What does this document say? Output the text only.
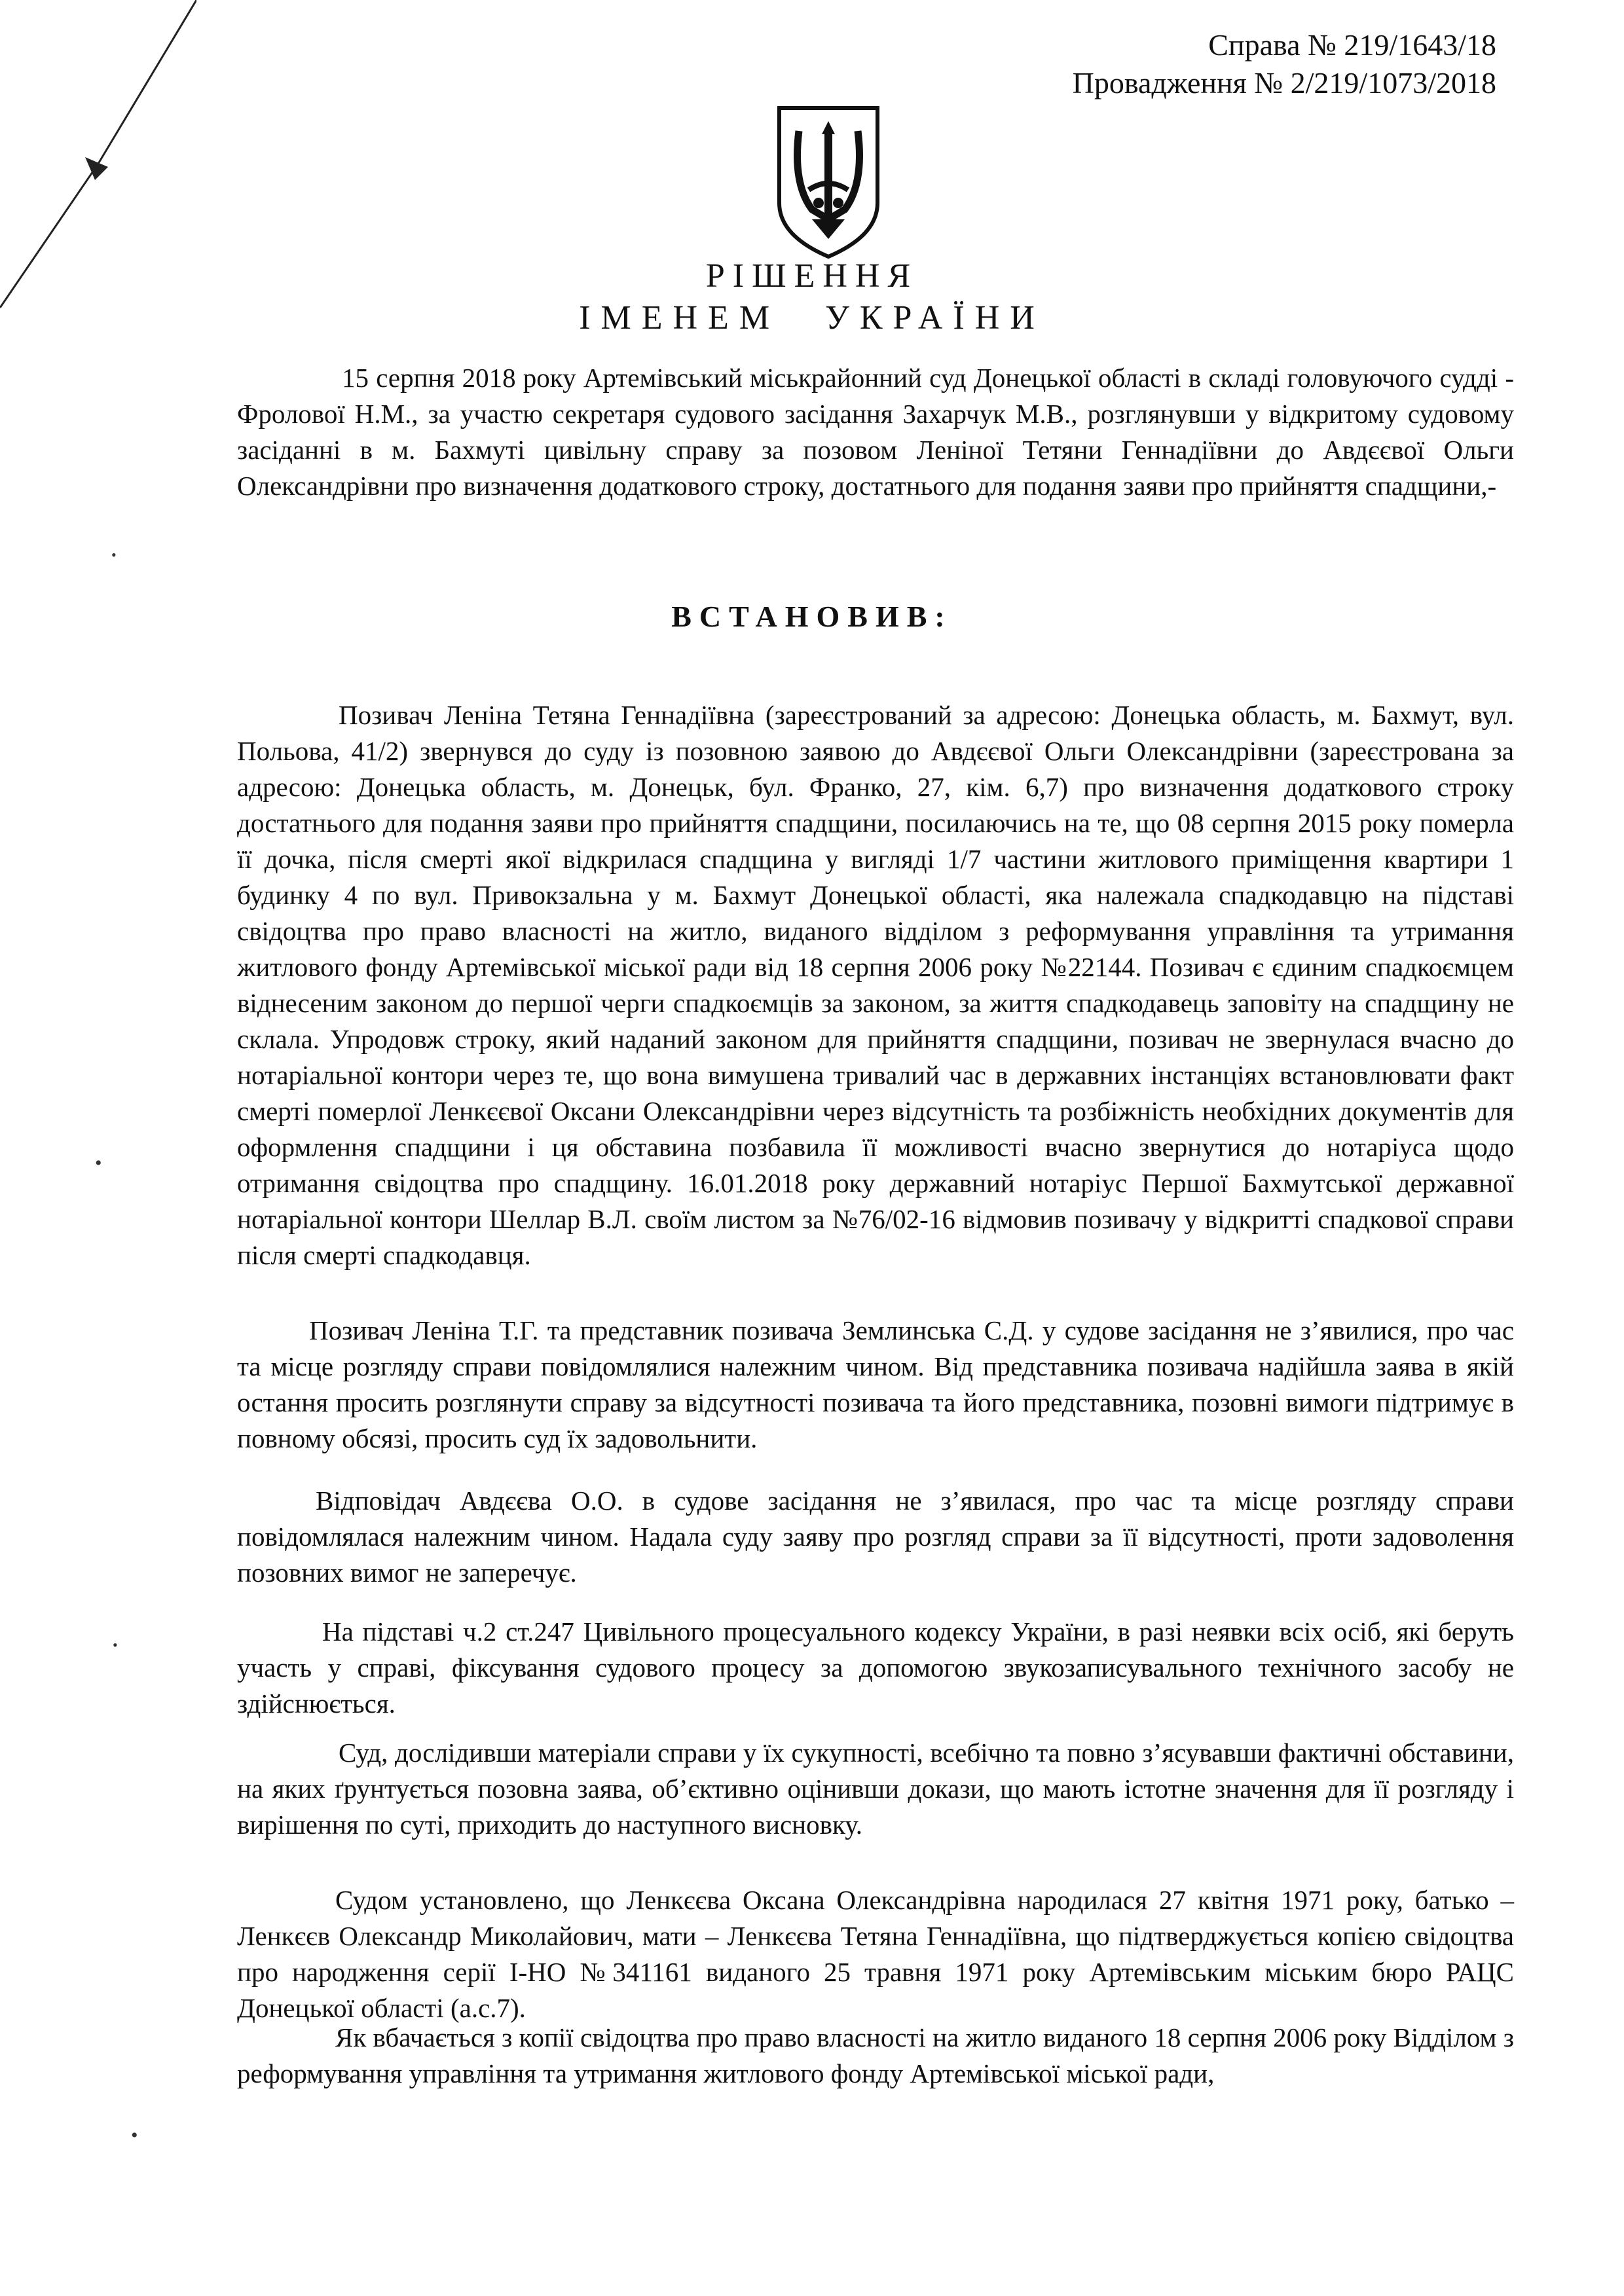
Справа № 219/1643/18
Провадження № 2/219/1073/2018
РІШЕННЯ
ІМЕНЕМ УКРАЇНИ
15 серпня 2018 року Артемівський міськрайонний суд Донецької області в складі головуючого судді - Фролової Н.М., за участю секретаря судового засідання Захарчук М.В., розглянувши у відкритому судовому засіданні в м. Бахмуті цивільну справу за позовом Леніної Тетяни Геннадіївни до Авдєєвої Ольги Олександрівни про визначення додаткового строку, достатнього для подання заяви про прийняття спадщини,-
ВСТАНОВИВ:
Позивач Леніна Тетяна Геннадіївна (зареєстрований за адресою: Донецька область, м. Бахмут, вул. Польова, 41/2) звернувся до суду із позовною заявою до Авдєєвої Ольги Олександрівни (зареєстрована за адресою: Донецька область, м. Донецьк, бул. Франко, 27, кім. 6,7) про визначення додаткового строку достатнього для подання заяви про прийняття спадщини, посилаючись на те, що 08 серпня 2015 року померла її дочка, після смерті якої відкрилася спадщина у вигляді 1/7 частини житлового приміщення квартири 1 будинку 4 по вул. Привокзальна у м. Бахмут Донецької області, яка належала спадкодавцю на підставі свідоцтва про право власності на житло, виданого відділом з реформування управління та утримання житлового фонду Артемівської міської ради від 18 серпня 2006 року №22144. Позивач є єдиним спадкоємцем віднесеним законом до першої черги спадкоємців за законом, за життя спадкодавець заповіту на спадщину не склала. Упродовж строку, який наданий законом для прийняття спадщини, позивач не звернулася вчасно до нотаріальної контори через те, що вона вимушена тривалий час в державних інстанціях встановлювати факт смерті померлої Ленкєєвої Оксани Олександрівни через відсутність та розбіжність необхідних документів для оформлення спадщини і ця обставина позбавила її можливості вчасно звернутися до нотаріуса щодо отримання свідоцтва про спадщину. 16.01.2018 року державний нотаріус Першої Бахмутської державної нотаріальної контори Шеллар В.Л. своїм листом за №76/02-16 відмовив позивачу у відкритті спадкової справи після смерті спадкодавця.
Позивач Леніна Т.Г. та представник позивача Землинська С.Д. у судове засідання не з’явилися, про час та місце розгляду справи повідомлялися належним чином. Від представника позивача надійшла заява в якій остання просить розглянути справу за відсутності позивача та його представника, позовні вимоги підтримує в повному обсязі, просить суд їх задовольнити.
Відповідач Авдєєва О.О. в судове засідання не з’явилася, про час та місце розгляду справи повідомлялася належним чином. Надала суду заяву про розгляд справи за її відсутності, проти задоволення позовних вимог не заперечує.
На підставі ч.2 ст.247 Цивільного процесуального кодексу України, в разі неявки всіх осіб, які беруть участь у справі, фіксування судового процесу за допомогою звукозаписувального технічного засобу не здійснюється.
Суд, дослідивши матеріали справи у їх сукупності, всебічно та повно з’ясувавши фактичні обставини, на яких ґрунтується позовна заява, об’єктивно оцінивши докази, що мають істотне значення для її розгляду і вирішення по суті, приходить до наступного висновку.
Судом установлено, що Ленкєєва Оксана Олександрівна народилася 27 квітня 1971 року, батько – Ленкєєв Олександр Миколайович, мати – Ленкєєва Тетяна Геннадіївна, що підтверджується копією свідоцтва про народження серії І-НО №341161 виданого 25 травня 1971 року Артемівським міським бюро РАЦС Донецької області (а.с.7).
Як вбачається з копії свідоцтва про право власності на житло виданого 18 серпня 2006 року Відділом з реформування управління та утримання житлового фонду Артемівської міської ради,
•
•
•
•
